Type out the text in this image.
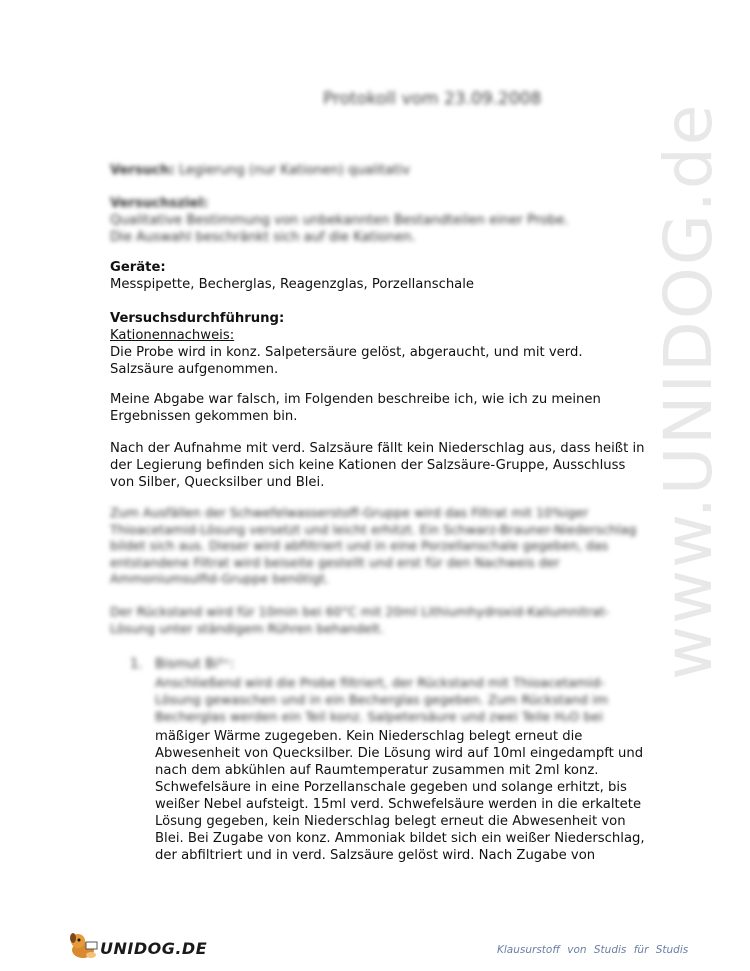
www.UNIDOG.de
Protokoll vom 23.09.2008
Versuch: Legierung (nur Kationen) qualitativ
Versuchsziel:
Qualitative Bestimmung von unbekannten Bestandteilen einer Probe.
Die Auswahl beschränkt sich auf die Kationen.
Geräte:
Messpipette, Becherglas, Reagenzglas, Porzellanschale
Versuchsdurchführung:
Kationennachweis:
Die Probe wird in konz. Salpetersäure gelöst, abgeraucht, und mit verd. Salzsäure aufgenommen.
Meine Abgabe war falsch, im Folgenden beschreibe ich, wie ich zu meinen Ergebnissen gekommen bin.
Nach der Aufnahme mit verd. Salzsäure fällt kein Niederschlag aus, dass heißt in der Legierung befinden sich keine Kationen der Salzsäure-Gruppe, Ausschluss von Silber, Quecksilber und Blei.
Zum Ausfällen der Schwefelwasserstoff-Gruppe wird das Filtrat mit 10%iger Thioacetamid-Lösung versetzt und leicht erhitzt. Ein Schwarz-Brauner-Niederschlag bildet sich aus. Dieser wird abfiltriert und in eine Porzellanschale gegeben, das entstandene Filtrat wird beiseite gestellt und erst für den Nachweis der Ammoniumsulfid-Gruppe benötigt.
Der Rückstand wird für 10min bei 60°C mit 20ml Lithiumhydroxid-Kaliumnitrat-Lösung unter ständigem Rühren behandelt.
1. Bismut Bi³⁺:
Anschließend wird die Probe filtriert, der Rückstand mit Thioacetamid-Lösung gewaschen und in ein Becherglas gegeben. Zum Rückstand im Becherglas werden ein Teil konz. Salpetersäure und zwei Teile H₂O bei
mäßiger Wärme zugegeben. Kein Niederschlag belegt erneut die Abwesenheit von Quecksilber. Die Lösung wird auf 10ml eingedampft und nach dem abkühlen auf Raumtemperatur zusammen mit 2ml konz. Schwefelsäure in eine Porzellanschale gegeben und solange erhitzt, bis weißer Nebel aufsteigt. 15ml verd. Schwefelsäure werden in die erkaltete Lösung gegeben, kein Niederschlag belegt erneut die Abwesenheit von Blei. Bei Zugabe von konz. Ammoniak bildet sich ein weißer Niederschlag, der abfiltriert und in verd. Salzsäure gelöst wird. Nach Zugabe von
UNIDOG.DE	Klausurstoff von Studis für Studis
